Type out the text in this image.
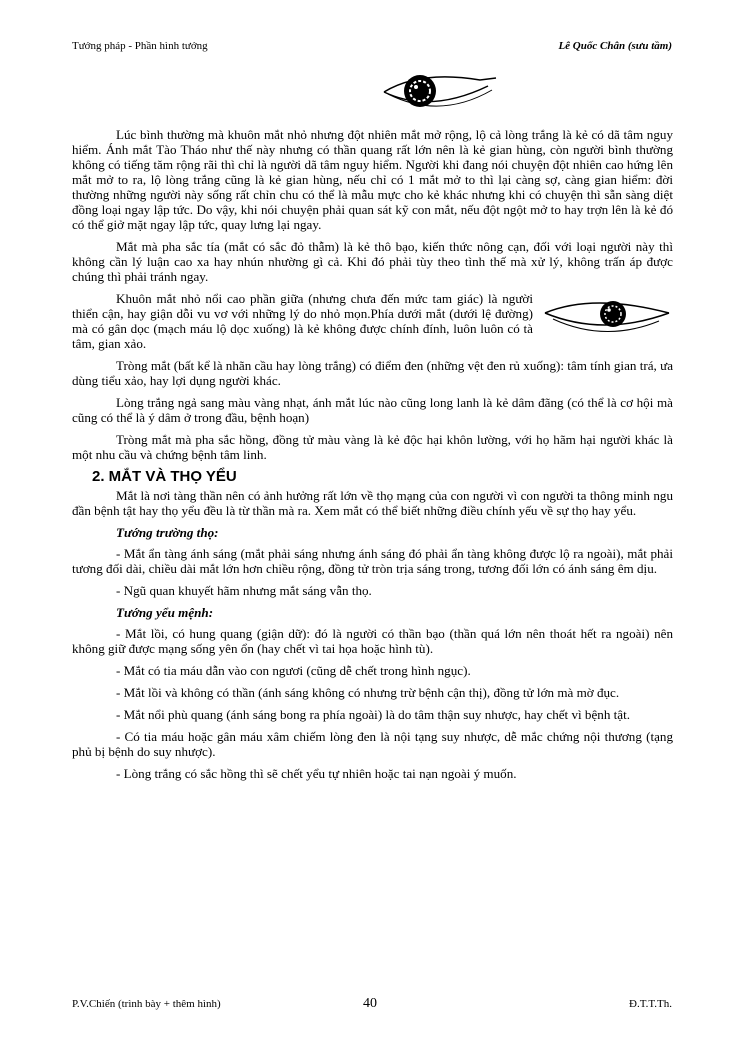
Tướng pháp - Phần hình tướng	Lê Quốc Chân (sưu tầm)

Lúc bình thường mà khuôn mắt nhỏ nhưng đột nhiên mắt mở rộng, lộ cả lòng trắng là kẻ có dã tâm nguy hiểm. Ánh mắt Tào Tháo như thế này nhưng có thần quang rất lớn nên là kẻ gian hùng, còn người bình thường không có tiếng tăm rộng rãi thì chỉ là người dã tâm nguy hiểm. Người khi đang nói chuyện đột nhiên cao hứng lên mắt mở to ra, lộ lòng trắng cũng là kẻ gian hùng, nếu chỉ có 1 mắt mở to thì lại càng sợ, càng gian hiểm: đời thường những người này sống rất chỉn chu có thể là mẫu mực cho kẻ khác nhưng khi có chuyện thì sẵn sàng diệt đồng loại ngay lập tức. Do vậy, khi nói chuyện phải quan sát kỹ con mắt, nếu đột ngột mở to hay trợn lên là kẻ đó có thể giở mặt ngay lập tức, quay lưng lại ngay.

Mắt mà pha sắc tía (mắt có sắc đỏ thẫm) là kẻ thô bạo, kiến thức nông cạn, đối với loại người này thì không cần lý luận cao xa hay nhún nhường gì cả. Khi đó phải tùy theo tình thế mà xử lý, không trấn áp được chúng thì phải tránh ngay.

Khuôn mắt nhỏ nổi cao phần giữa (nhưng chưa đến mức tam giác) là người thiển cận, hay giận dỗi vu vơ với những lý do nhỏ mọn.Phía dưới mắt (dưới lệ đường) mà có gân dọc (mạch máu lộ dọc xuống) là kẻ không được chính đính, luôn luôn có tà tâm, gian xảo.

Tròng mắt (bất kể là nhãn cầu hay lòng trắng) có điểm đen (những vệt đen rủ xuống): tâm tính gian trá, ưa dùng tiểu xảo, hay lợi dụng người khác.

Lòng trắng ngả sang màu vàng nhạt, ánh mắt lúc nào cũng long lanh là kẻ dâm đãng (có thể là cơ hội mà cũng có thể là ý dâm ở trong đầu, bệnh hoạn)

Tròng mắt mà pha sắc hồng, đồng tử màu vàng là kẻ độc hại khôn lường, với họ hãm hại người khác là một nhu cầu và chứng bệnh tâm linh.

2. MẮT VÀ THỌ YỂU

Mắt là nơi tàng thần nên có ảnh hưởng rất lớn về thọ mạng của con người vì con người ta thông minh ngu đần bệnh tật hay thọ yểu đều là từ thần mà ra. Xem mắt có thể biết những điều chính yếu về sự thọ hay yểu.

Tướng trường thọ:

- Mắt ẩn tàng ánh sáng (mắt phải sáng nhưng ánh sáng đó phải ẩn tàng không được lộ ra ngoài), mắt phải tương đối dài, chiều dài mắt lớn hơn chiều rộng, đồng tử tròn trịa sáng trong, tương đối lớn có ánh sáng êm dịu.

- Ngũ quan khuyết hãm nhưng mắt sáng vẫn thọ.

Tướng yểu mệnh:

- Mắt lồi, có hung quang (giận dữ): đó là người có thần bạo (thần quá lớn nên thoát hết ra ngoài) nên không giữ được mạng sống yên ổn (hay chết vì tai họa hoặc hình tù).

- Mắt có tia máu dẫn vào con ngươi (cũng dễ chết trong hình ngục).

- Mắt lồi và không có thần (ánh sáng không có nhưng trừ bệnh cận thị), đồng tử lớn mà mờ đục.

- Mắt nổi phù quang (ánh sáng bong ra phía ngoài) là do tâm thận suy nhược, hay chết vì bệnh tật.

- Có tia máu hoặc gân máu xâm chiếm lòng đen là nội tạng suy nhược, dễ mắc chứng nội thương (tạng phủ bị bệnh do suy nhược).

- Lòng trắng có sắc hồng thì sẽ chết yểu tự nhiên hoặc tai nạn ngoài ý muốn.

P.V.Chiến (trình bày + thêm hình)	40	Đ.T.T.Th.
